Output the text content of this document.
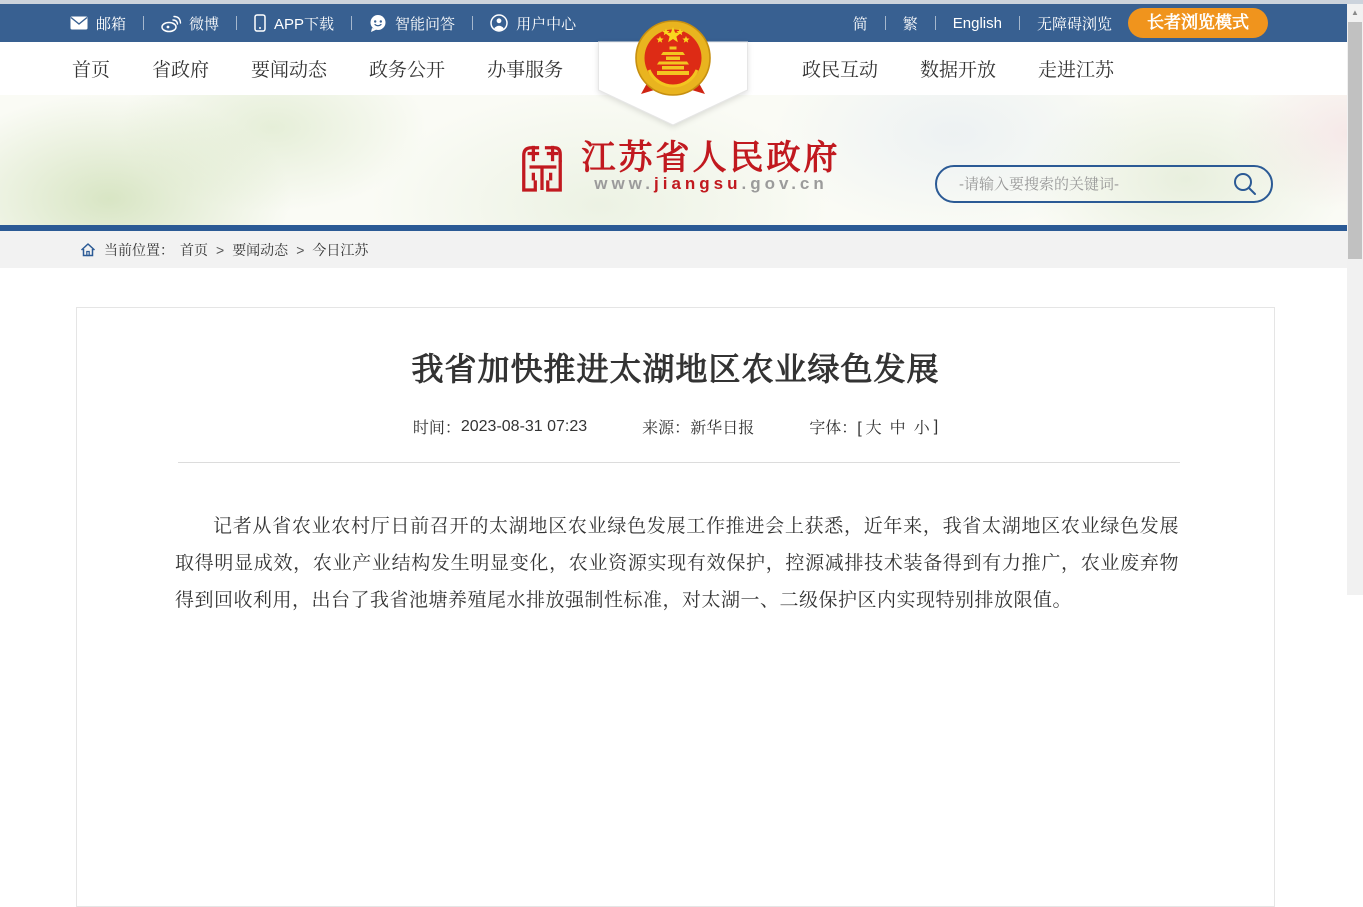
邮箱	微博	APP下载	智能问答	用户中心	简 繁 English 无障碍浏览	长者浏览模式
首页 省政府 要闻动态 政务公开 办事服务	政民互动 数据开放 走进江苏
江苏省人民政府
www.jiangsu.gov.cn
-请输入要搜索的关键词-
当前位置： 首页 > 要闻动态 > 今日江苏
我省加快推进太湖地区农业绿色发展
时间： 2023-08-31 07:23	来源： 新华日报	字体：[ 大 中 小 ]

记者从省农业农村厅日前召开的太湖地区农业绿色发展工作推进会上获悉，近年来，我省太湖地区农业绿色发展取得明显成效，农业产业结构发生明显变化，农业资源实现有效保护，控源减排技术装备得到有力推广，农业废弃物得到回收利用，出台了我省池塘养殖尾水排放强制性标准，对太湖一、二级保护区内实现特别排放限值。

▲
